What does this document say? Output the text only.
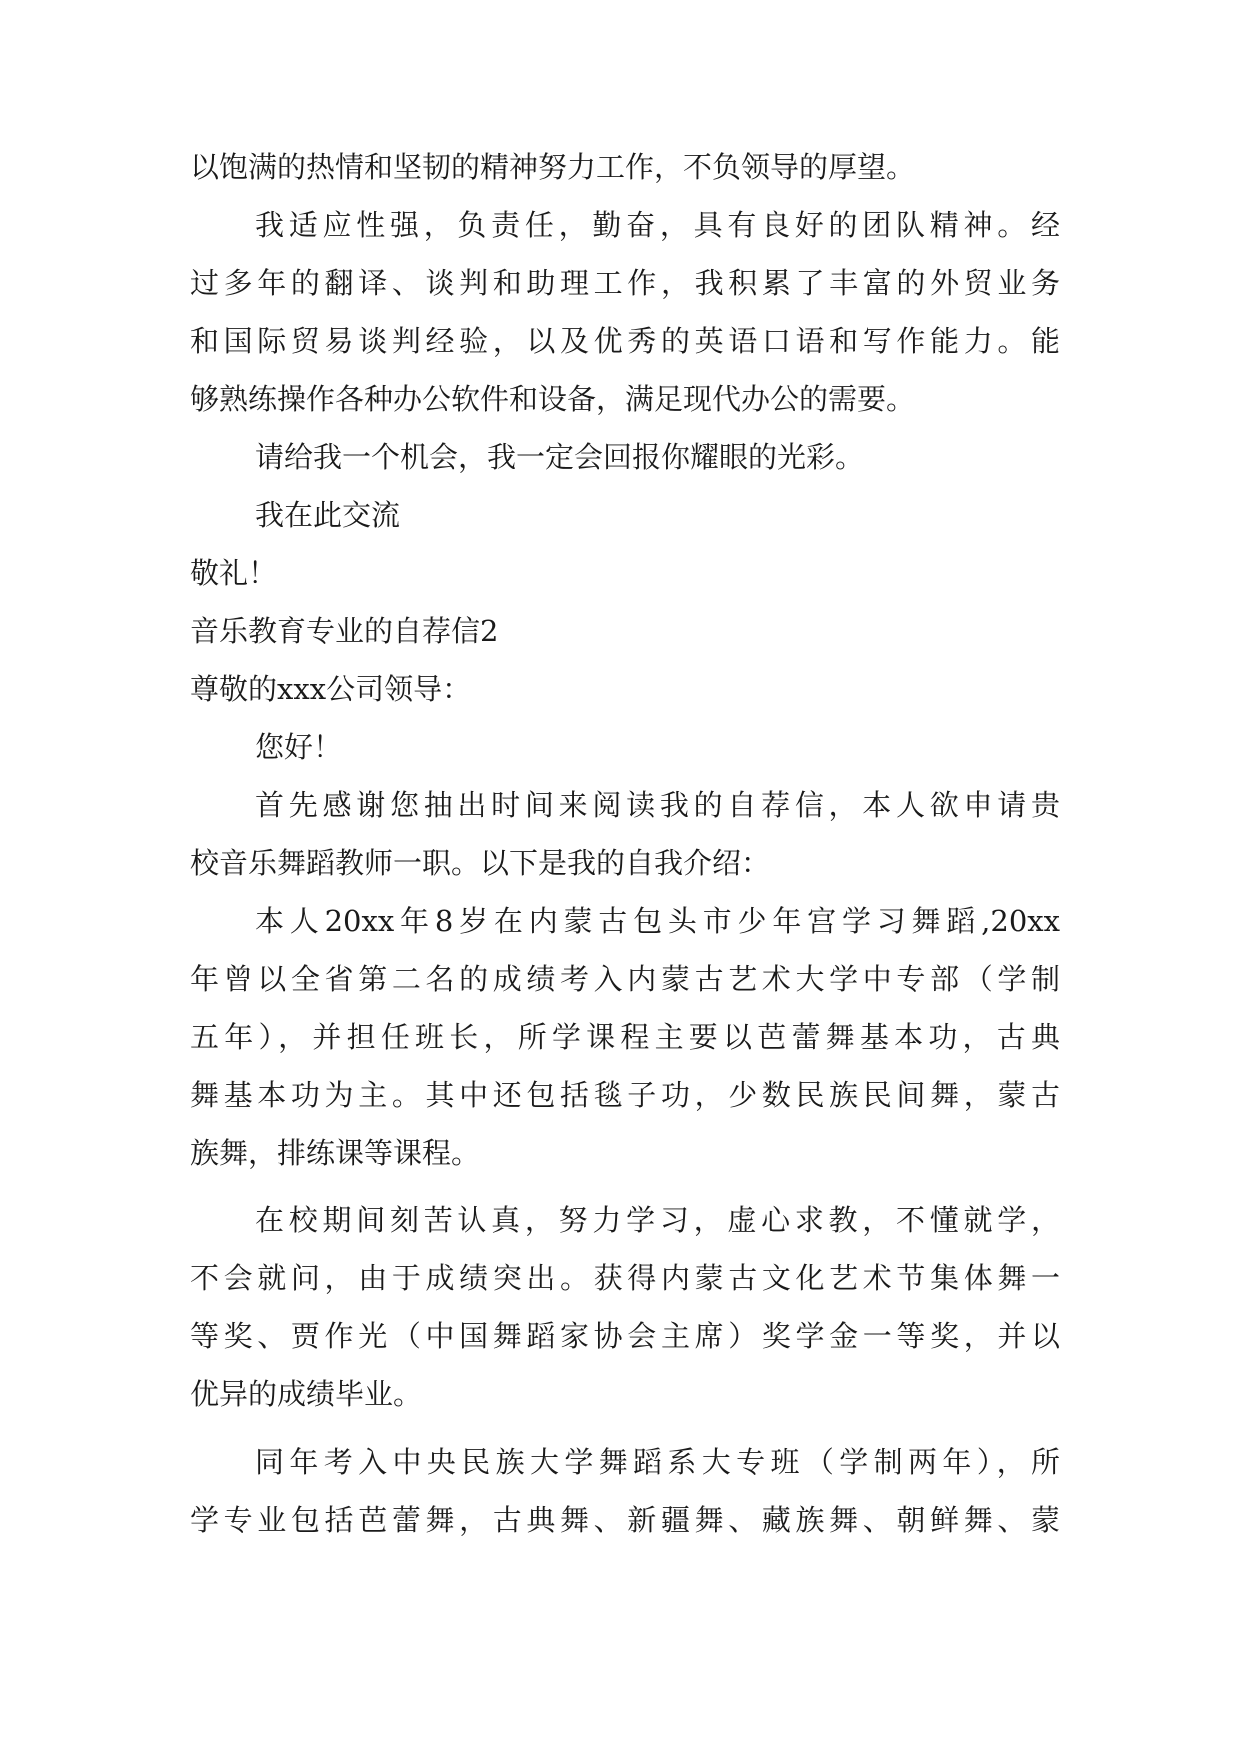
以饱满的热情和坚韧的精神努力工作，不负领导的厚望。
我适应性强，负责任，勤奋，具有良好的团队精神。经
过多年的翻译、谈判和助理工作，我积累了丰富的外贸业务
和国际贸易谈判经验，以及优秀的英语口语和写作能力。能
够熟练操作各种办公软件和设备，满足现代办公的需要。
请给我一个机会，我一定会回报你耀眼的光彩。
我在此交流
敬礼！
音乐教育专业的自荐信2
尊敬的xxx公司领导：
您好！
首先感谢您抽出时间来阅读我的自荐信，本人欲申请贵
校音乐舞蹈教师一职。以下是我的自我介绍：
本人20xx年8岁在内蒙古包头市少年宫学习舞蹈,20xx
年曾以全省第二名的成绩考入内蒙古艺术大学中专部（学制
五年），并担任班长，所学课程主要以芭蕾舞基本功，古典
舞基本功为主。其中还包括毯子功，少数民族民间舞，蒙古
族舞，排练课等课程。
在校期间刻苦认真，努力学习，虚心求教，不懂就学，
不会就问，由于成绩突出。获得内蒙古文化艺术节集体舞一
等奖、贾作光（中国舞蹈家协会主席）奖学金一等奖，并以
优异的成绩毕业。
同年考入中央民族大学舞蹈系大专班（学制两年），所
学专业包括芭蕾舞，古典舞、新疆舞、藏族舞、朝鲜舞、蒙
